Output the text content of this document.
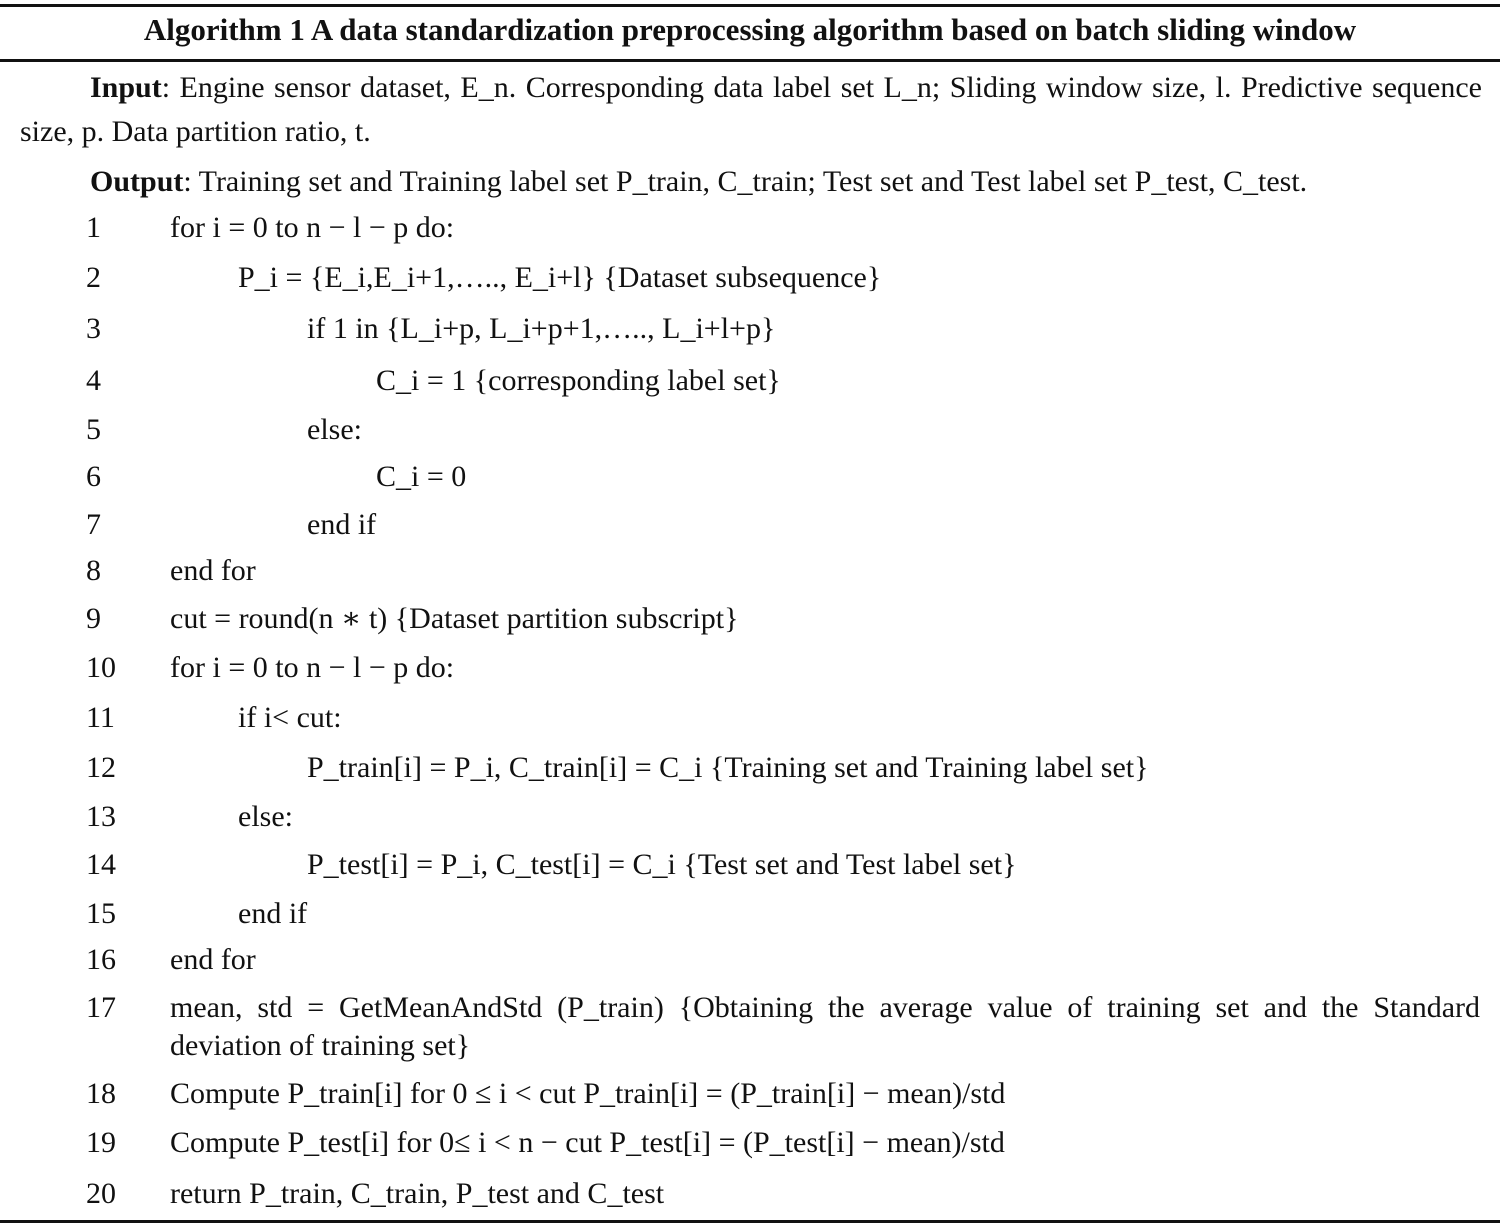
Algorithm 1 A data standardization preprocessing algorithm based on batch sliding window
Input: Engine sensor dataset, E_n. Corresponding data label set L_n; Sliding window size, l. Predictive sequence size, p. Data partition ratio, t.
Output: Training set and Training label set P_train, C_train; Test set and Test label set P_test, C_test.
1	for i = 0 to n − l − p do:
2	P_i = {E_i,E_i+1,….., E_i+l} {Dataset subsequence}
3	if 1 in {L_i+p, L_i+p+1,….., L_i+l+p}
4	C_i = 1 {corresponding label set}
5	else:
6	C_i = 0
7	end if
8	end for
9	cut = round(n ∗ t) {Dataset partition subscript}
10	for i = 0 to n − l − p do:
11	if i< cut:
12	P_train[i] = P_i, C_train[i] = C_i {Training set and Training label set}
13	else:
14	P_test[i] = P_i, C_test[i] = C_i {Test set and Test label set}
15	end if
16	end for
17	mean, std = GetMeanAndStd (P_train) {Obtaining the average value of training set and the Standard deviation of training set}
18	Compute P_train[i] for 0 ≤ i < cut P_train[i] = (P_train[i] − mean)/std
19	Compute P_test[i] for 0≤ i < n − cut P_test[i] = (P_test[i] − mean)/std
20	return P_train, C_train, P_test and C_test
